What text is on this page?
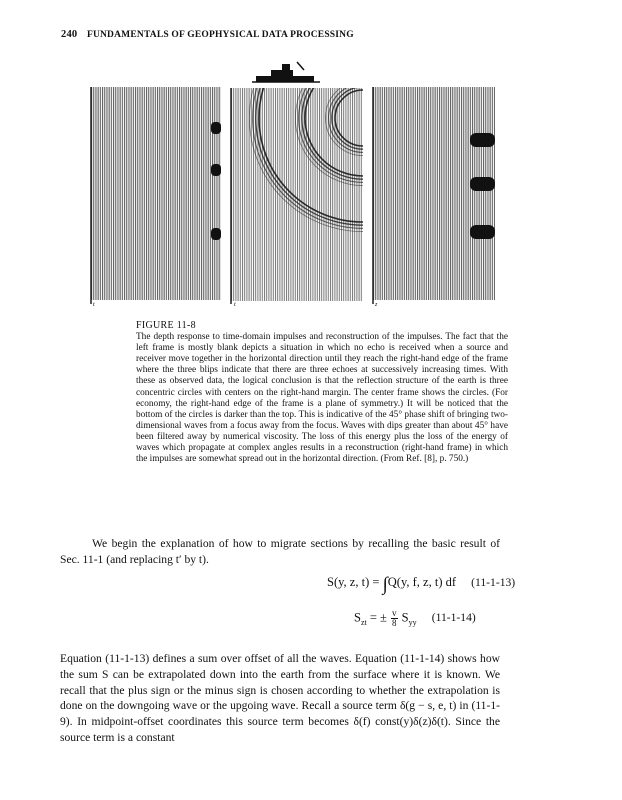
240 FUNDAMENTALS OF GEOPHYSICAL DATA PROCESSING
t	t	z
FIGURE 11-8
The depth response to time-domain impulses and reconstruction of the impulses. The fact that the left frame is mostly blank depicts a situation in which no echo is received when a source and receiver move together in the horizontal direction until they reach the right-hand edge of the frame where the three blips indicate that there are three echoes at successively increasing times. With these as observed data, the logical conclusion is that the reflection structure of the earth is three concentric circles with centers on the right-hand margin. The center frame shows the circles. (For economy, the right-hand edge of the frame is a plane of symmetry.) It will be noticed that the bottom of the circles is darker than the top. This is indicative of the 45° phase shift of bringing two-dimensional waves from a focus away from the focus. Waves with dips greater than about 45° have been filtered away by numerical viscosity. The loss of this energy plus the loss of the energy of waves which propagate at complex angles results in a reconstruction (right-hand frame) in which the impulses are somewhat spread out in the horizontal direction. (From Ref. [8], p. 750.)
We begin the explanation of how to migrate sections by recalling the basic result of Sec. 11-1 (and replacing t′ by t).
S(y, z, t) = ∫Q(y, f, z, t) df (11-1-13)
$S_{zt}$ = ± $\frac{v}{8} S_{yy}$ (11-1-14)
Equation (11-1-13) defines a sum over offset of all the waves. Equation (11-1-14) shows how the sum S can be extrapolated down into the earth from the surface where it is known. We recall that the plus sign or the minus sign is chosen according to whether the extrapolation is done on the downgoing wave or the upgoing wave. Recall a source term δ(g − s, e, t) in (11-1-9). In midpoint-offset coordinates this source term becomes δ(f) const(y)δ(z)δ(t). Since the source term is a constant
